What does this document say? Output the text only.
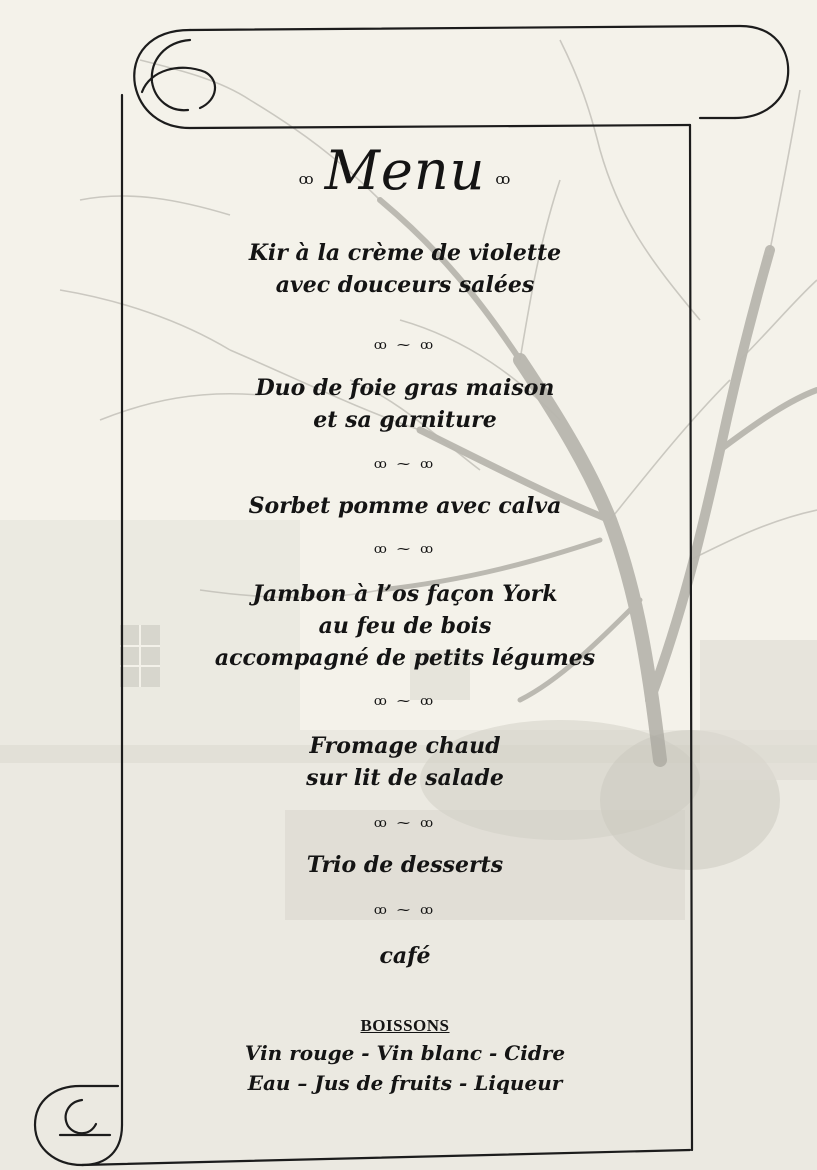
ꝏ Menu ꝏ
Kir à la crème de violette
avec douceurs salées
ꝏ ⁓ ꝏ
Duo de foie gras maison
et sa garniture
ꝏ ⁓ ꝏ
Sorbet pomme avec calva
ꝏ ⁓ ꝏ
Jambon à l’os façon York
au feu de bois
accompagné de petits légumes
ꝏ ⁓ ꝏ
Fromage chaud
sur lit de salade
ꝏ ⁓ ꝏ
Trio de desserts
ꝏ ⁓ ꝏ
café
BOISSONS
Vin rouge - Vin blanc - Cidre
Eau – Jus de fruits - Liqueur
